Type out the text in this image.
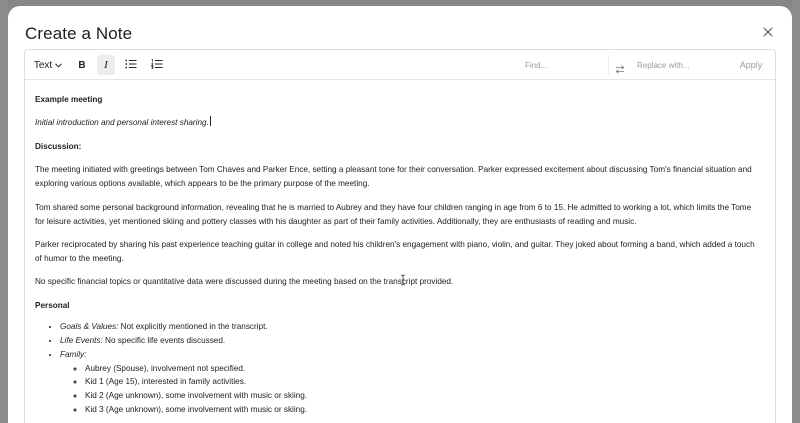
Create a Note
Text	B	I
Find...
Replace with...	Apply

Example meeting

Initial introduction and personal interest sharing.

Discussion:

The meeting initiated with greetings between Tom Chaves and Parker Ence, setting a pleasant tone for their conversation. Parker expressed excitement about discussing Tom's financial situation and exploring various options available, which appears to be the primary purpose of the meeting.

Tom shared some personal background information, revealing that he is married to Aubrey and they have four children ranging in age from 6 to 15. He admitted to working a lot, which limits the Tome for leisure activities, yet mentioned skiing and pottery classes with his daughter as part of their family activities. Additionally, they are enthusiasts of reading and music.

Parker reciprocated by sharing his past experience teaching guitar in college and noted his children's engagement with piano, violin, and guitar. They joked about forming a band, which added a touch of humor to the meeting.

No specific financial topics or quantitative data were discussed during the meeting based on the transcript provided.

Personal

• Goals & Values: Not explicitly mentioned in the transcript.
• Life Events: No specific life events discussed.
• Family:
◦ Aubrey (Spouse), involvement not specified.
◦ Kid 1 (Age 15), interested in family activities.
◦ Kid 2 (Age unknown), some involvement with music or skiing.
◦ Kid 3 (Age unknown), some involvement with music or skiing.
